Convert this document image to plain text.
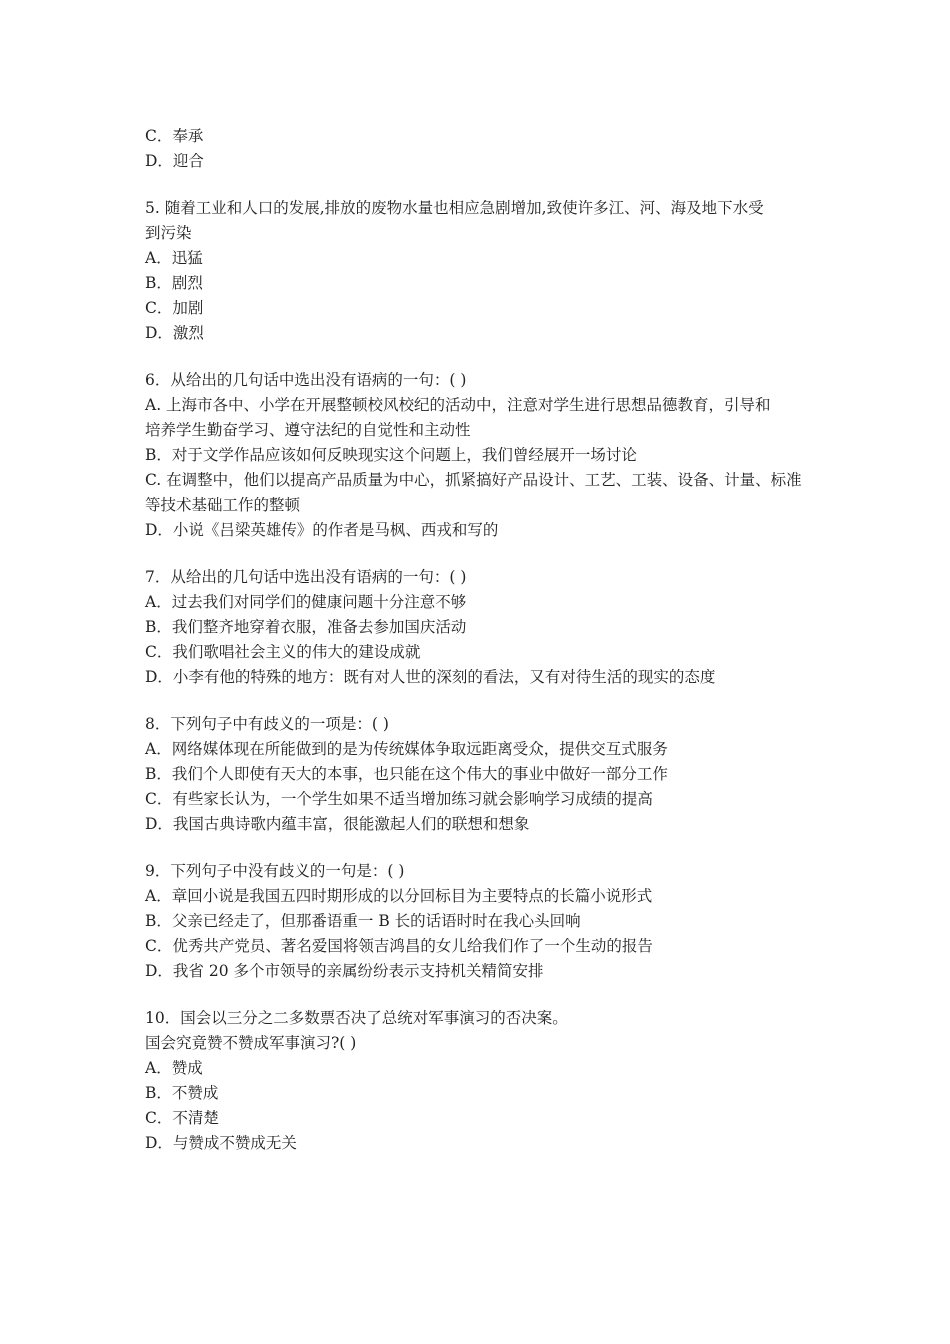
C．奉承
D．迎合
5. 随着工业和人口的发展,排放的废物水量也相应急剧增加,致使许多江、河、海及地下水受
到污染
A．迅猛
B．剧烈
C．加剧
D．激烈
6．从给出的几句话中选出没有语病的一句：( )
A. 上海市各中、小学在开展整顿校风校纪的活动中，注意对学生进行思想品德教育，引导和
培养学生勤奋学习、遵守法纪的自觉性和主动性
B．对于文学作品应该如何反映现实这个问题上，我们曾经展开一场讨论
C. 在调整中，他们以提高产品质量为中心，抓紧搞好产品设计、工艺、工装、设备、计量、标准
等技术基础工作的整顿
D．小说《吕梁英雄传》的作者是马枫、西戎和写的
7．从给出的几句话中选出没有语病的一句：( )
A．过去我们对同学们的健康问题十分注意不够
B．我们整齐地穿着衣服，准备去参加国庆活动
C．我们歌唱社会主义的伟大的建设成就
D．小李有他的特殊的地方：既有对人世的深刻的看法，又有对待生活的现实的态度
8．下列句子中有歧义的一项是：( )
A．网络媒体现在所能做到的是为传统媒体争取远距离受众，提供交互式服务
B．我们个人即使有天大的本事，也只能在这个伟大的事业中做好一部分工作
C．有些家长认为，一个学生如果不适当增加练习就会影响学习成绩的提高
D．我国古典诗歌内蕴丰富，很能激起人们的联想和想象
9．下列句子中没有歧义的一句是：( )
A．章回小说是我国五四时期形成的以分回标目为主要特点的长篇小说形式
B．父亲已经走了，但那番语重一 B 长的话语时时在我心头回响
C．优秀共产党员、著名爱国将领吉鸿昌的女儿给我们作了一个生动的报告
D．我省 20 多个市领导的亲属纷纷表示支持机关精简安排
10．国会以三分之二多数票否决了总统对军事演习的否决案。
国会究竟赞不赞成军事演习?( )
A．赞成
B．不赞成
C．不清楚
D．与赞成不赞成无关
